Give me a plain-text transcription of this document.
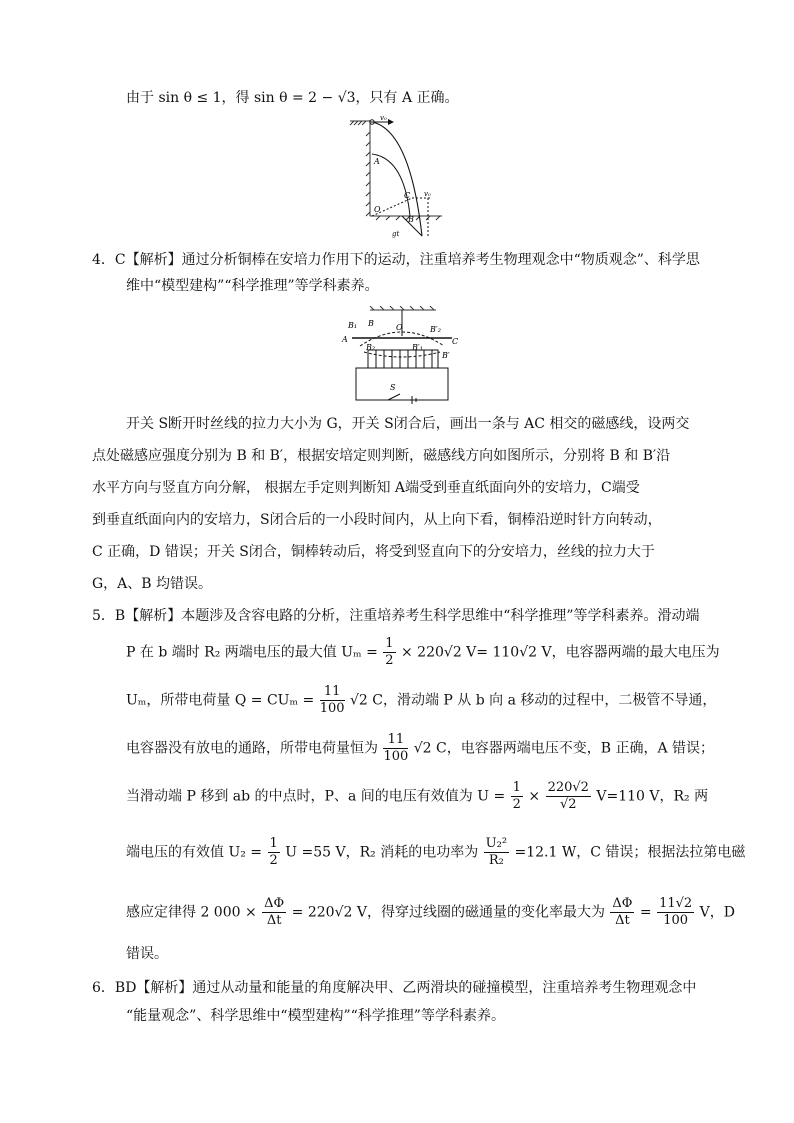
由于 sin θ ≤ 1，得 sin θ = 2 − √3，只有 A 正确。
v₀
A
C
O
B
v₀
gt
4．C【解析】通过分析铜棒在安培力作用下的运动，注重培养考生物理观念中“物质观念”、科学思
维中“模型建构”“科学推理”等学科素养。
B₁ B	O	B′₂
C
A
B₂	B′₁
B′
S
开关 S断开时丝线的拉力大小为 G，开关 S闭合后，画出一条与 AC 相交的磁感线，设两交
点处磁感应强度分别为 B 和 B′，根据安培定则判断，磁感线方向如图所示，分别将 B 和 B′沿
水平方向与竖直方向分解， 根据左手定则判断知 A端受到垂直纸面向外的安培力，C端受
到垂直纸面向内的安培力，S闭合后的一小段时间内，从上向下看，铜棒沿逆时针方向转动，
C 正确，D 错误；开关 S闭合，铜棒转动后，将受到竖直向下的分安培力，丝线的拉力大于
G，A、B 均错误。
5．B【解析】本题涉及含容电路的分析，注重培养考生科学思维中“科学推理”等学科素养。滑动端
P 在 b 端时 R₂ 两端电压的最大值 $U_m = \frac{1}{2} \times 220√2$ V= 110√2 V，电容器两端的最大电压为
Uₘ，所带电荷量 $Q = CU_m = \frac{11}{100} √2$ C，滑动端 P 从 b 向 a 移动的过程中，二极管不导通，
电容器没有放电的通路，所带电荷量恒为 $\frac{11}{100} √2$ C，电容器两端电压不变，B 正确，A 错误；
当滑动端 P 移到 ab 的中点时，P、a 间的电压有效值为 $U = \frac{1}{2} \times \frac{220√2}{√2} V=110$ V，R₂ 两
端电压的有效值 $U_2 = \frac{1}{2}$ U =55 V，R₂ 消耗的电功率为 $\frac{\text{U₂²}}{\text{R₂}} =12.1$ W，C 错误；根据法拉第电磁
感应定律得 2 $000 \times \frac{\Delta\Phi}{\Delta t} = 220√2$ V，得穿过线圈的磁通量的变化率最大为 $\frac{\Delta\Phi}{\Delta t} = \frac{11√2}{100}$ V，D
错误。
6．BD【解析】通过从动量和能量的角度解决甲、乙两滑块的碰撞模型，注重培养考生物理观念中
“能量观念”、科学思维中“模型建构”“科学推理”等学科素养。
